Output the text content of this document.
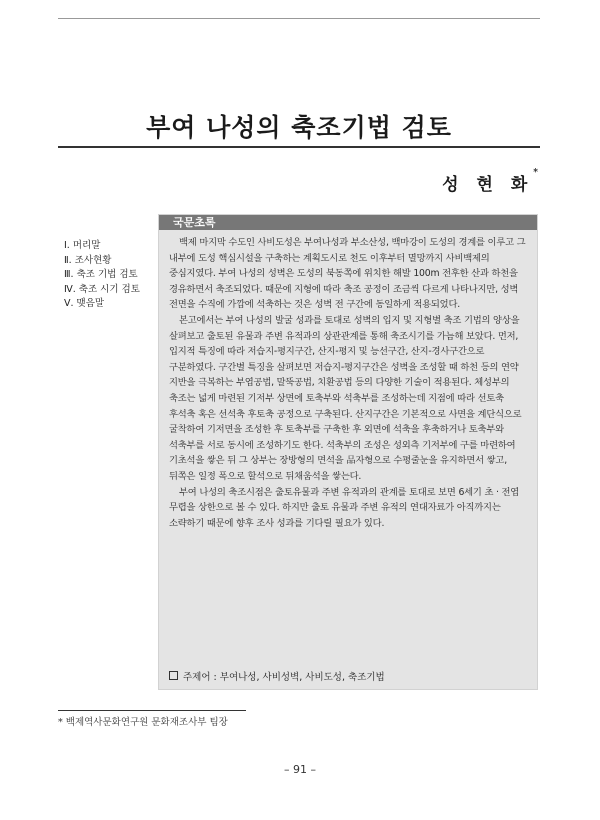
부여 나성의 축조기법 검토
성 현 화*
Ⅰ. 머리말
Ⅱ. 조사현황
Ⅲ. 축조 기법 검토
Ⅳ. 축조 시기 검토
Ⅴ. 맺음말
국문초록

백제 마지막 수도인 사비도성은 부여나성과 부소산성, 백마강이 도성의 경계를 이루고 그 내부에 도성 핵심시설을 구축하는 계획도시로 천도 이후부터 멸망까지 사비백제의 중심지였다. 부여 나성의 성벽은 도성의 북동쪽에 위치한 해발 100m 전후한 산과 하천을 경유하면서 축조되었다. 때문에 지형에 따라 축조 공정이 조금씩 다르게 나타나지만, 성벽 전면을 수직에 가깝에 석축하는 것은 성벽 전 구간에 동일하게 적용되었다.

본고에서는 부여 나성의 발굴 성과를 토대로 성벽의 입지 및 지형별 축조 기법의 양상을 살펴보고 출토된 유물과 주변 유적과의 상관관계를 통해 축조시기를 가늠해 보았다. 먼저, 입지적 특징에 따라 저습지-평지구간, 산지-평지 및 능선구간, 산지-경사구간으로 구분하였다. 구간별 특징을 살펴보면 저습지-평지구간은 성벽을 조성할 때 하천 등의 연약 지반을 극복하는 부엽공법, 말뚝공법, 치환공법 등의 다양한 기술이 적용된다. 체성부의 축조는 넓게 마련된 기저부 상면에 토축부와 석축부를 조성하는데 지점에 따라 선토축 후석축 혹은 선석축 후토축 공정으로 구축된다. 산지구간은 기본적으로 사면을 계단식으로 굴착하여 기저면을 조성한 후 토축부를 구축한 후 외면에 석축을 후축하거나 토축부와 석축부를 서로 동시에 조성하기도 한다. 석축부의 조성은 성외측 기저부에 구를 마련하여 기초석을 쌓은 뒤 그 상부는 장방형의 면석을 品자형으로 수평줄눈을 유지하면서 쌓고, 뒤쪽은 일정 폭으로 할석으로 뒤채움석을 쌓는다.

부여 나성의 축조시점은 출토유물과 주변 유적과의 관계를 토대로 보면 6세기 초 · 전엽 무렵을 상한으로 볼 수 있다. 하지만 출토 유물과 주변 유적의 연대자료가 아직까지는 소략하기 때문에 향후 조사 성과를 기다릴 필요가 있다.

주제어 : 부여나성, 사비성벽, 사비도성, 축조기법
* 백제역사문화연구원 문화재조사부 팀장
– 91 –
